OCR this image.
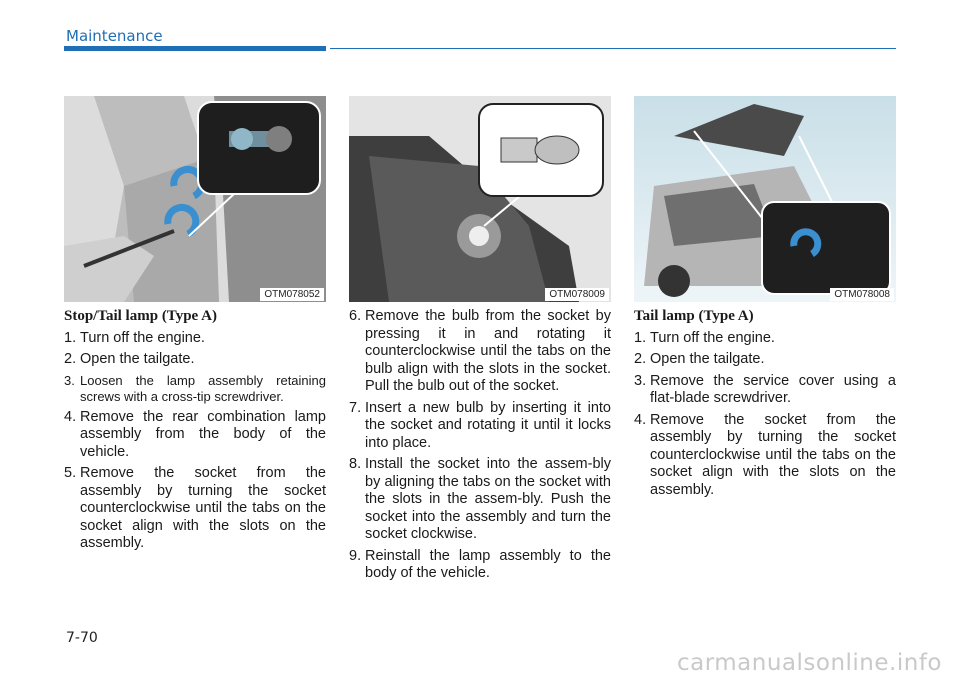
Maintenance
OTM078052	OTM078009	OTM078008
Stop/Tail lamp (Type A)
1. Turn off the engine.
2. Open the tailgate.
3. Loosen the lamp assembly retaining screws with a cross-tip screwdriver.
4. Remove the rear combination lamp assembly from the body of the vehicle.
5. Remove the socket from the assembly by turning the socket counterclockwise until the tabs on the socket align with the slots on the assembly.
6. Remove the bulb from the socket by pressing it in and rotating it counterclockwise until the tabs on the bulb align with the slots in the socket. Pull the bulb out of the socket.
7. Insert a new bulb by inserting it into the socket and rotating it until it locks into place.
8. Install the socket into the assem-bly by aligning the tabs on the socket with the slots in the assem-bly. Push the socket into the assembly and turn the socket clockwise.
9. Reinstall the lamp assembly to the body of the vehicle.
Tail lamp (Type A)
1. Turn off the engine.
2. Open the tailgate.
3. Remove the service cover using a flat-blade screwdriver.
4. Remove the socket from the assembly by turning the socket counterclockwise until the tabs on the socket align with the slots on the assembly.
7-70
carmanualsonline.info
